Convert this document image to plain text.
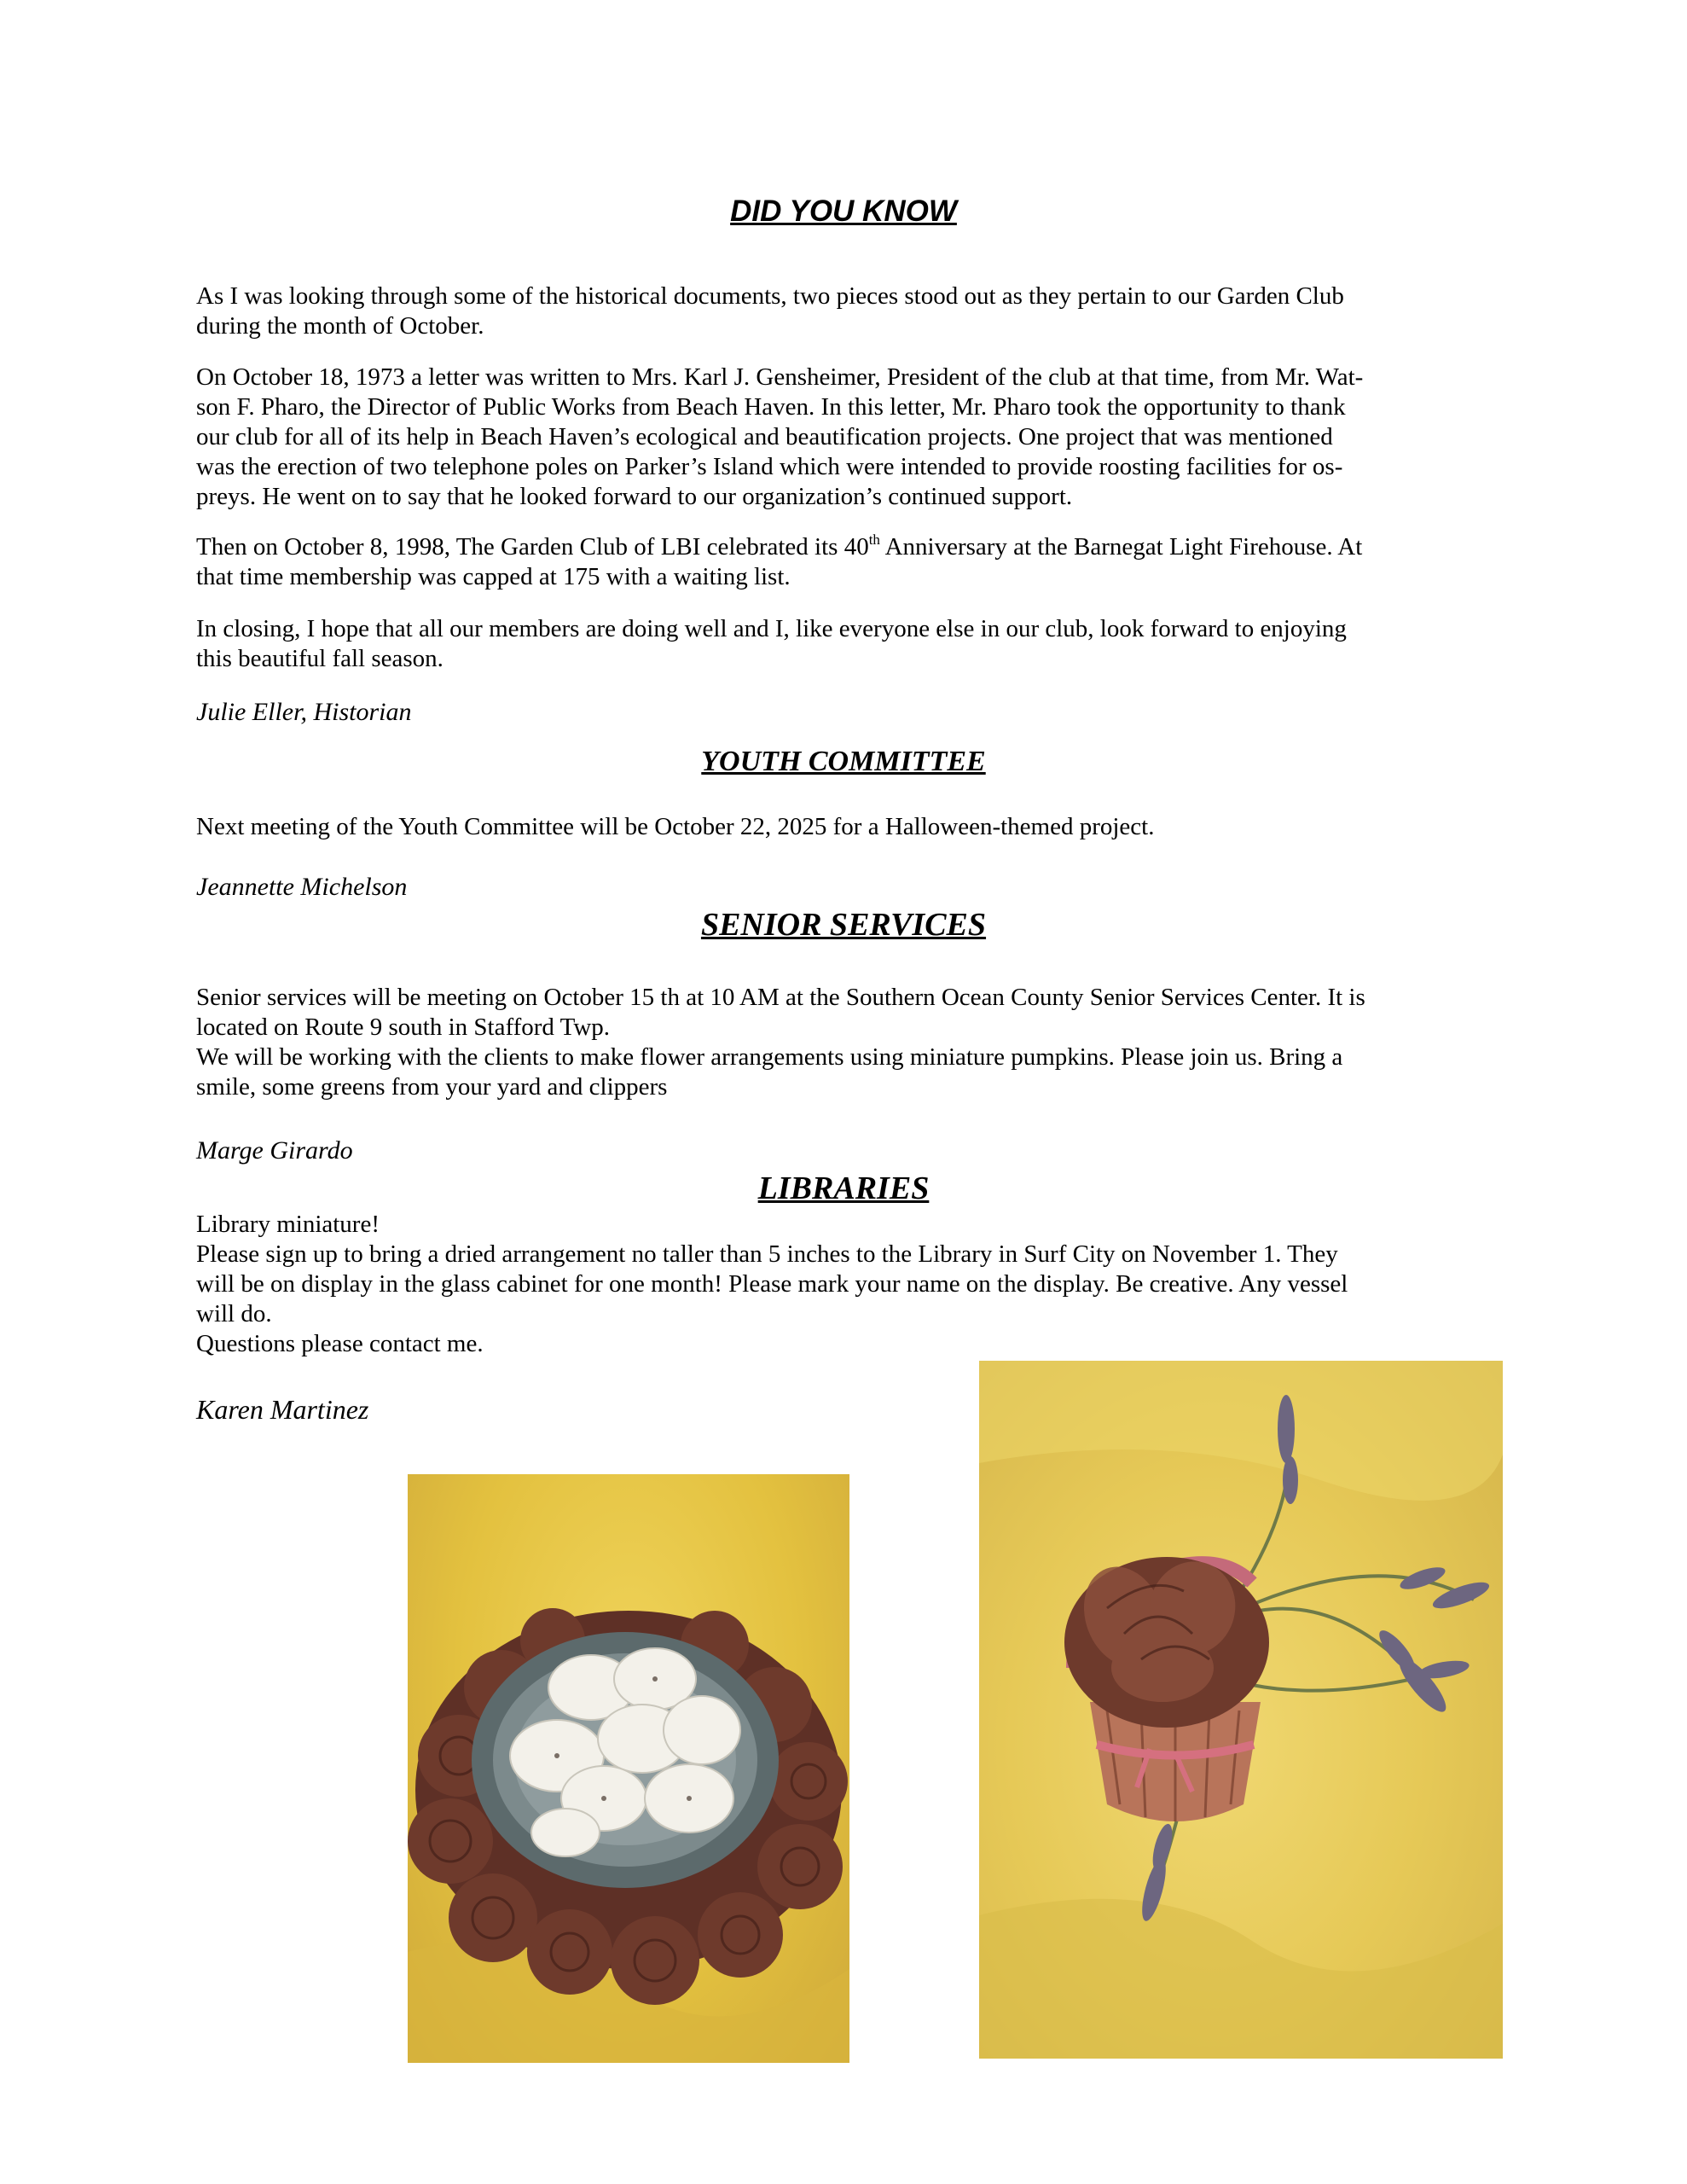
DID YOU KNOW

As I was looking through some of the historical documents, two pieces stood out as they pertain to our Garden Club
during the month of October.

On October 18, 1973 a letter was written to Mrs. Karl J. Gensheimer, President of the club at that time, from Mr. Wat-
son F. Pharo, the Director of Public Works from Beach Haven. In this letter, Mr. Pharo took the opportunity to thank
our club for all of its help in Beach Haven’s ecological and beautification projects. One project that was mentioned
was the erection of two telephone poles on Parker’s Island which were intended to provide roosting facilities for os-
preys. He went on to say that he looked forward to our organization’s continued support.

Then on October 8, 1998, The Garden Club of LBI celebrated its 40th Anniversary at the Barnegat Light Firehouse. At
that time membership was capped at 175 with a waiting list.

In closing, I hope that all our members are doing well and I, like everyone else in our club, look forward to enjoying
this beautiful fall season.

Julie Eller, Historian
YOUTH COMMITTEE

Next meeting of the Youth Committee will be October 22, 2025 for a Halloween-themed project.

Jeannette Michelson
SENIOR SERVICES

Senior services will be meeting on October 15 th at 10 AM at the Southern Ocean County Senior Services Center. It is
located on Route 9 south in Stafford Twp.
We will be working with the clients to make flower arrangements using miniature pumpkins. Please join us. Bring a
smile, some greens from your yard and clippers

Marge Girardo
LIBRARIES

Library miniature!
Please sign up to bring a dried arrangement no taller than 5 inches to the Library in Surf City on November 1. They
will be on display in the glass cabinet for one month! Please mark your name on the display. Be creative. Any vessel
will do.
Questions please contact me.

Karen Martinez
